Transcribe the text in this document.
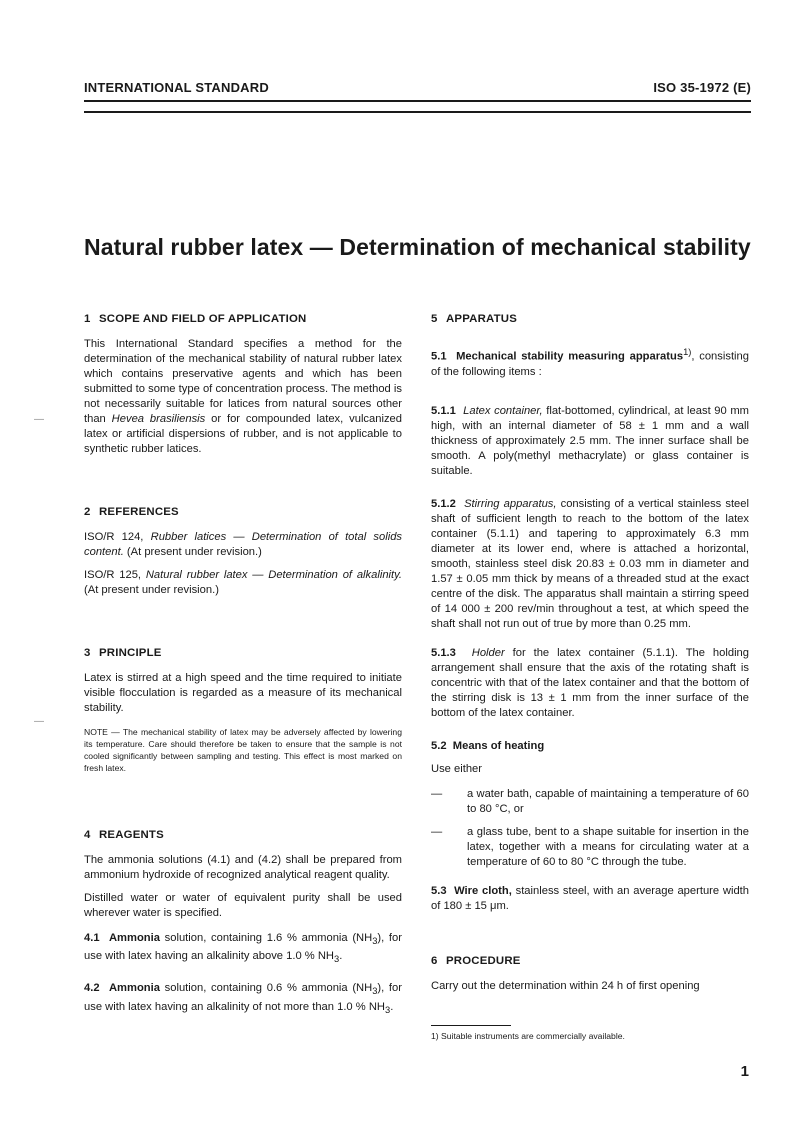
INTERNATIONAL STANDARD	ISO 35-1972 (E)
Natural rubber latex — Determination of mechanical stability
—
—
1 SCOPE AND FIELD OF APPLICATION

This International Standard specifies a method for the determination of the mechanical stability of natural rubber latex which contains preservative agents and which has been submitted to some type of concentration process. The method is not necessarily suitable for latices from natural sources other than Hevea brasiliensis or for compounded latex, vulcanized latex or artificial dispersions of rubber, and is not applicable to synthetic rubber latices.

2 REFERENCES

ISO/R 124, Rubber latices — Determination of total solids content. (At present under revision.)

ISO/R 125, Natural rubber latex — Determination of alkalinity. (At present under revision.)

3 PRINCIPLE

Latex is stirred at a high speed and the time required to initiate visible flocculation is regarded as a measure of its mechanical stability.

NOTE — The mechanical stability of latex may be adversely affected by lowering its temperature. Care should therefore be taken to ensure that the sample is not cooled significantly between sampling and testing. This effect is most marked on fresh latex.

4 REAGENTS

The ammonia solutions (4.1) and (4.2) shall be prepared from ammonium hydroxide of recognized analytical reagent quality.

Distilled water or water of equivalent purity shall be used wherever water is specified.

4.1 Ammonia solution, containing 1.6 % ammonia $(NH_3)$, for use with latex having an alkalinity above 1.0 % $NH_3$.

4.2 Ammonia solution, containing 0.6 % ammonia $(NH_3)$, for use with latex having an alkalinity of not more than 1.0 % $NH_3$.

5 APPARATUS

5.1 Mechanical stability measuring apparatus$^{1)}$, consisting of the following items :

5.1.1 Latex container, flat-bottomed, cylindrical, at least 90 mm high, with an internal diameter of 58 ± 1 mm and a wall thickness of approximately 2.5 mm. The inner surface shall be smooth. A poly(methyl methacrylate) or glass container is suitable.

5.1.2 Stirring apparatus, consisting of a vertical stainless steel shaft of sufficient length to reach to the bottom of the latex container (5.1.1) and tapering to approximately 6.3 mm diameter at its lower end, where is attached a horizontal, smooth, stainless steel disk 20.83 ± 0.03 mm in diameter and 1.57 ± 0.05 mm thick by means of a threaded stud at the exact centre of the disk. The apparatus shall maintain a stirring speed of 14 000 ± 200 rev/min throughout a test, at which speed the shaft shall not run out of true by more than 0.25 mm.

5.1.3 Holder for the latex container (5.1.1). The holding arrangement shall ensure that the axis of the rotating shaft is concentric with that of the latex container and that the bottom of the stirring disk is 13 ± 1 mm from the inner surface of the bottom of the latex container.

5.2 Means of heating

Use either

— a water bath, capable of maintaining a temperature of 60 to 80 °C, or

— a glass tube, bent to a shape suitable for insertion in the latex, together with a means for circulating water at a temperature of 60 to 80 °C through the tube.

5.3 Wire cloth, stainless steel, with an average aperture width of 180 ± 15 μm.

6 PROCEDURE

Carry out the determination within 24 h of first opening

1) Suitable instruments are commercially available.
1
